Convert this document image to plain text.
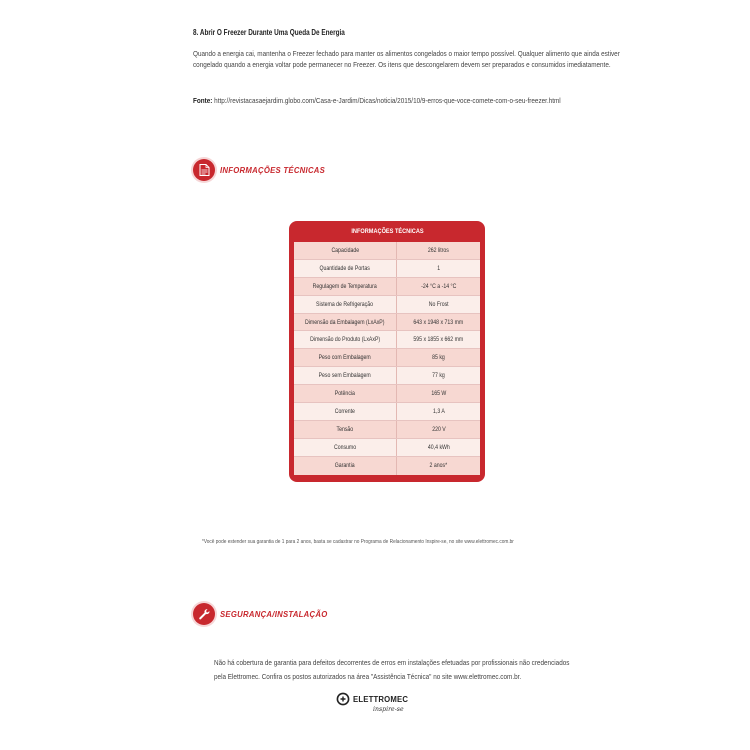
8. Abrir O Freezer Durante Uma Queda De Energia

Quando a energia cai, mantenha o Freezer fechado para manter os alimentos congelados o maior tempo possível. Qualquer alimento que ainda estiver congelado quando a energia voltar pode permanecer no Freezer. Os itens que descongelarem devem ser preparados e consumidos imediatamente.

Fonte: http://revistacasaejardim.globo.com/Casa-e-Jardim/Dicas/noticia/2015/10/9-erros-que-voce-comete-com-o-seu-freezer.html

INFORMAÇÕES TÉCNICAS
INFORMAÇÕES TÉCNICAS
Capacidade	262 litros
Quantidade de Portas	1
Regulagem de Temperatura	-24 °C a -14 °C
Sistema de Refrigeração	No Frost
Dimensão da Embalagem (LxAxP)	643 x 1948 x 713 mm
Dimensão do Produto (LxAxP)	595 x 1855 x 662 mm
Peso com Embalagem	85 kg
Peso sem Embalagem	77 kg
Potência	165 W
Corrente	1,3 A
Tensão	220 V
Consumo	40,4 kWh
Garantia	2 anos*
*Você pode estender sua garantia de 1 para 2 anos, basta se cadastrar no Programa de Relacionamento Inspire-se, no site www.elettromec.com.br
SEGURANÇA/INSTALAÇÃO

Não há cobertura de garantia para defeitos decorrentes de erros em instalações efetuadas por profissionais não credenciados pela Elettromec. Confira os postos autorizados na área "Assistência Técnica" no site www.elettromec.com.br.

ELETTROMEC
inspire-se
